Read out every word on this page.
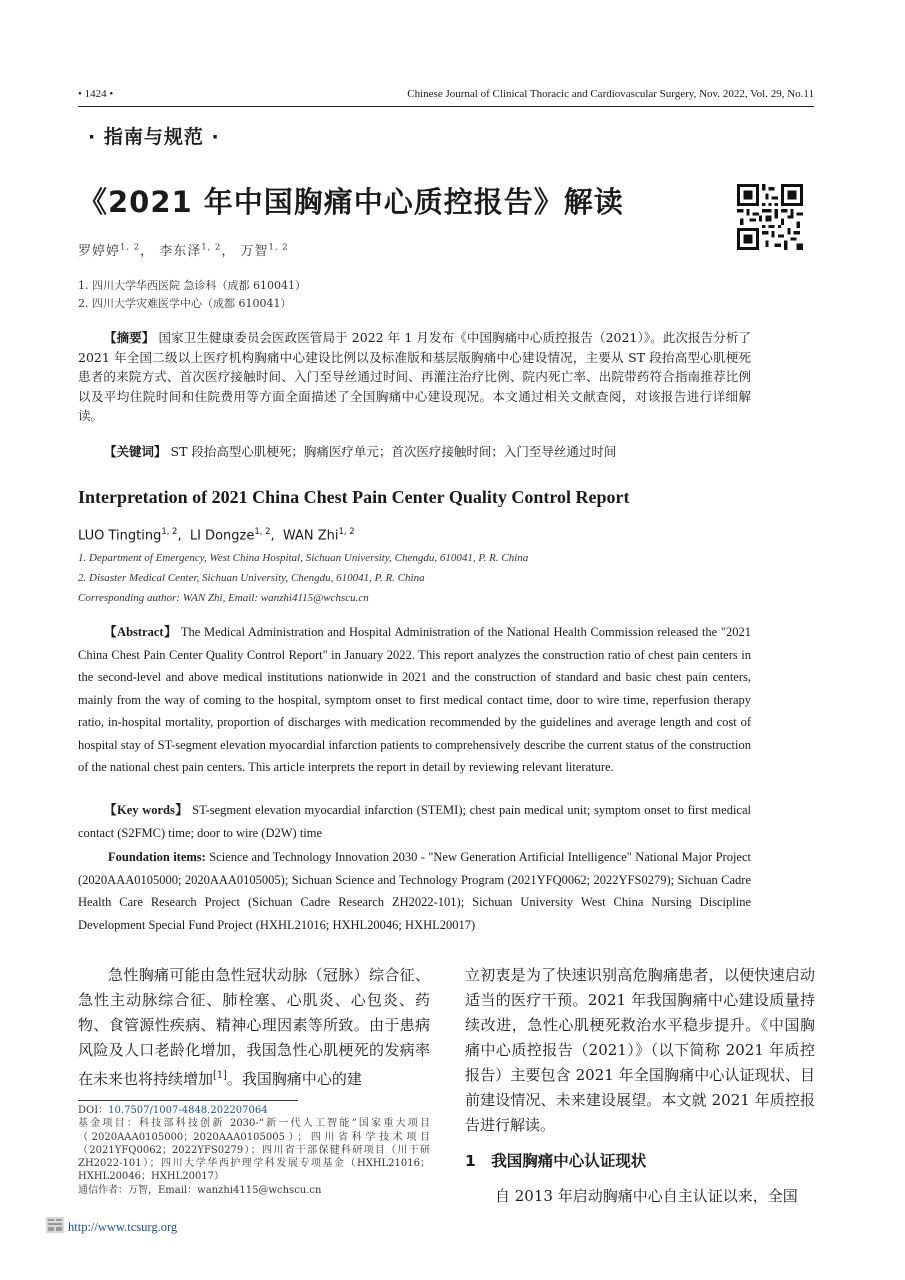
• 1424 •	Chinese Journal of Clinical Thoracic and Cardiovascular Surgery, Nov. 2022, Vol. 29, No.11
· 指南与规范 ·
《2021 年中国胸痛中心质控报告》解读
罗婷婷$^{1, 2}$， 李东泽$^{1, 2}$， 万智$^{1, 2}$
1. 四川大学华西医院 急诊科（成都 610041）
2. 四川大学灾难医学中心（成都 610041）
【摘要】 国家卫生健康委员会医政医管局于 2022 年 1 月发布《中国胸痛中心质控报告（2021）》。此次报告分析了 2021 年全国二级以上医疗机构胸痛中心建设比例以及标准版和基层版胸痛中心建设情况，主要从 ST 段抬高型心肌梗死患者的来院方式、首次医疗接触时间、入门至导丝通过时间、再灌注治疗比例、院内死亡率、出院带药符合指南推荐比例以及平均住院时间和住院费用等方面全面描述了全国胸痛中心建设现况。本文通过相关文献查阅，对该报告进行详细解读。
【关键词】 ST 段抬高型心肌梗死；胸痛医疗单元；首次医疗接触时间；入门至导丝通过时间
Interpretation of 2021 China Chest Pain Center Quality Control Report
LUO Tingting$^{1, 2}$,  LI Dongze$^{1, 2}$,  WAN Zhi$^{1, 2}$
1. Department of Emergency, West China Hospital, Sichuan University, Chengdu, 610041, P. R. China
2. Disaster Medical Center, Sichuan University, Chengdu, 610041, P. R. China
Corresponding author: WAN Zhi, Email: wanzhi4115@wchscu.cn
【Abstract】 The Medical Administration and Hospital Administration of the National Health Commission released the "2021 China Chest Pain Center Quality Control Report" in January 2022. This report analyzes the construction ratio of chest pain centers in the second-level and above medical institutions nationwide in 2021 and the construction of standard and basic chest pain centers, mainly from the way of coming to the hospital, symptom onset to first medical contact time, door to wire time, reperfusion therapy ratio, in-hospital mortality, proportion of discharges with medication recommended by the guidelines and average length and cost of hospital stay of ST-segment elevation myocardial infarction patients to comprehensively describe the current status of the construction of the national chest pain centers. This article interprets the report in detail by reviewing relevant literature.
【Key words】 ST-segment elevation myocardial infarction (STEMI); chest pain medical unit; symptom onset to first medical contact (S2FMC) time; door to wire (D2W) time
Foundation items: Science and Technology Innovation 2030 - "New Generation Artificial Intelligence" National Major Project (2020AAA0105000; 2020AAA0105005); Sichuan Science and Technology Program (2021YFQ0062; 2022YFS0279); Sichuan Cadre Health Care Research Project (Sichuan Cadre Research ZH2022-101); Sichuan University West China Nursing Discipline Development Special Fund Project (HXHL21016; HXHL20046; HXHL20017)
急性胸痛可能由急性冠状动脉（冠脉）综合征、急性主动脉综合征、肺栓塞、心肌炎、心包炎、药物、食管源性疾病、精神心理因素等所致。由于患病风险及人口老龄化增加，我国急性心肌梗死的发病率在未来也将持续增加[1]。我国胸痛中心的建
立初衷是为了快速识别高危胸痛患者，以便快速启动适当的医疗干预。2021 年我国胸痛中心建设质量持续改进，急性心肌梗死救治水平稳步提升。《中国胸痛中心质控报告（2021）》（以下简称 2021 年质控报告）主要包含 2021 年全国胸痛中心认证现状、目前建设情况、未来建设展望。本文就 2021 年质控报告进行解读。
1　我国胸痛中心认证现状
自 2013 年启动胸痛中心自主认证以来，全国
DOI：10.7507/1007-4848.202207064
基金项目：科技部科技创新 2030-“新一代人工智能”国家重大项目（2020AAA0105000；2020AAA0105005）；四川省科学技术项目（2021YFQ0062；2022YFS0279）；四川省干部保健科研项目（川干研 ZH2022-101）；四川大学华西护理学科发展专项基金（HXHL21016；HXHL20046；HXHL20017）
通信作者：万智，Email：wanzhi4115@wchscu.cn
http://www.tcsurg.org
